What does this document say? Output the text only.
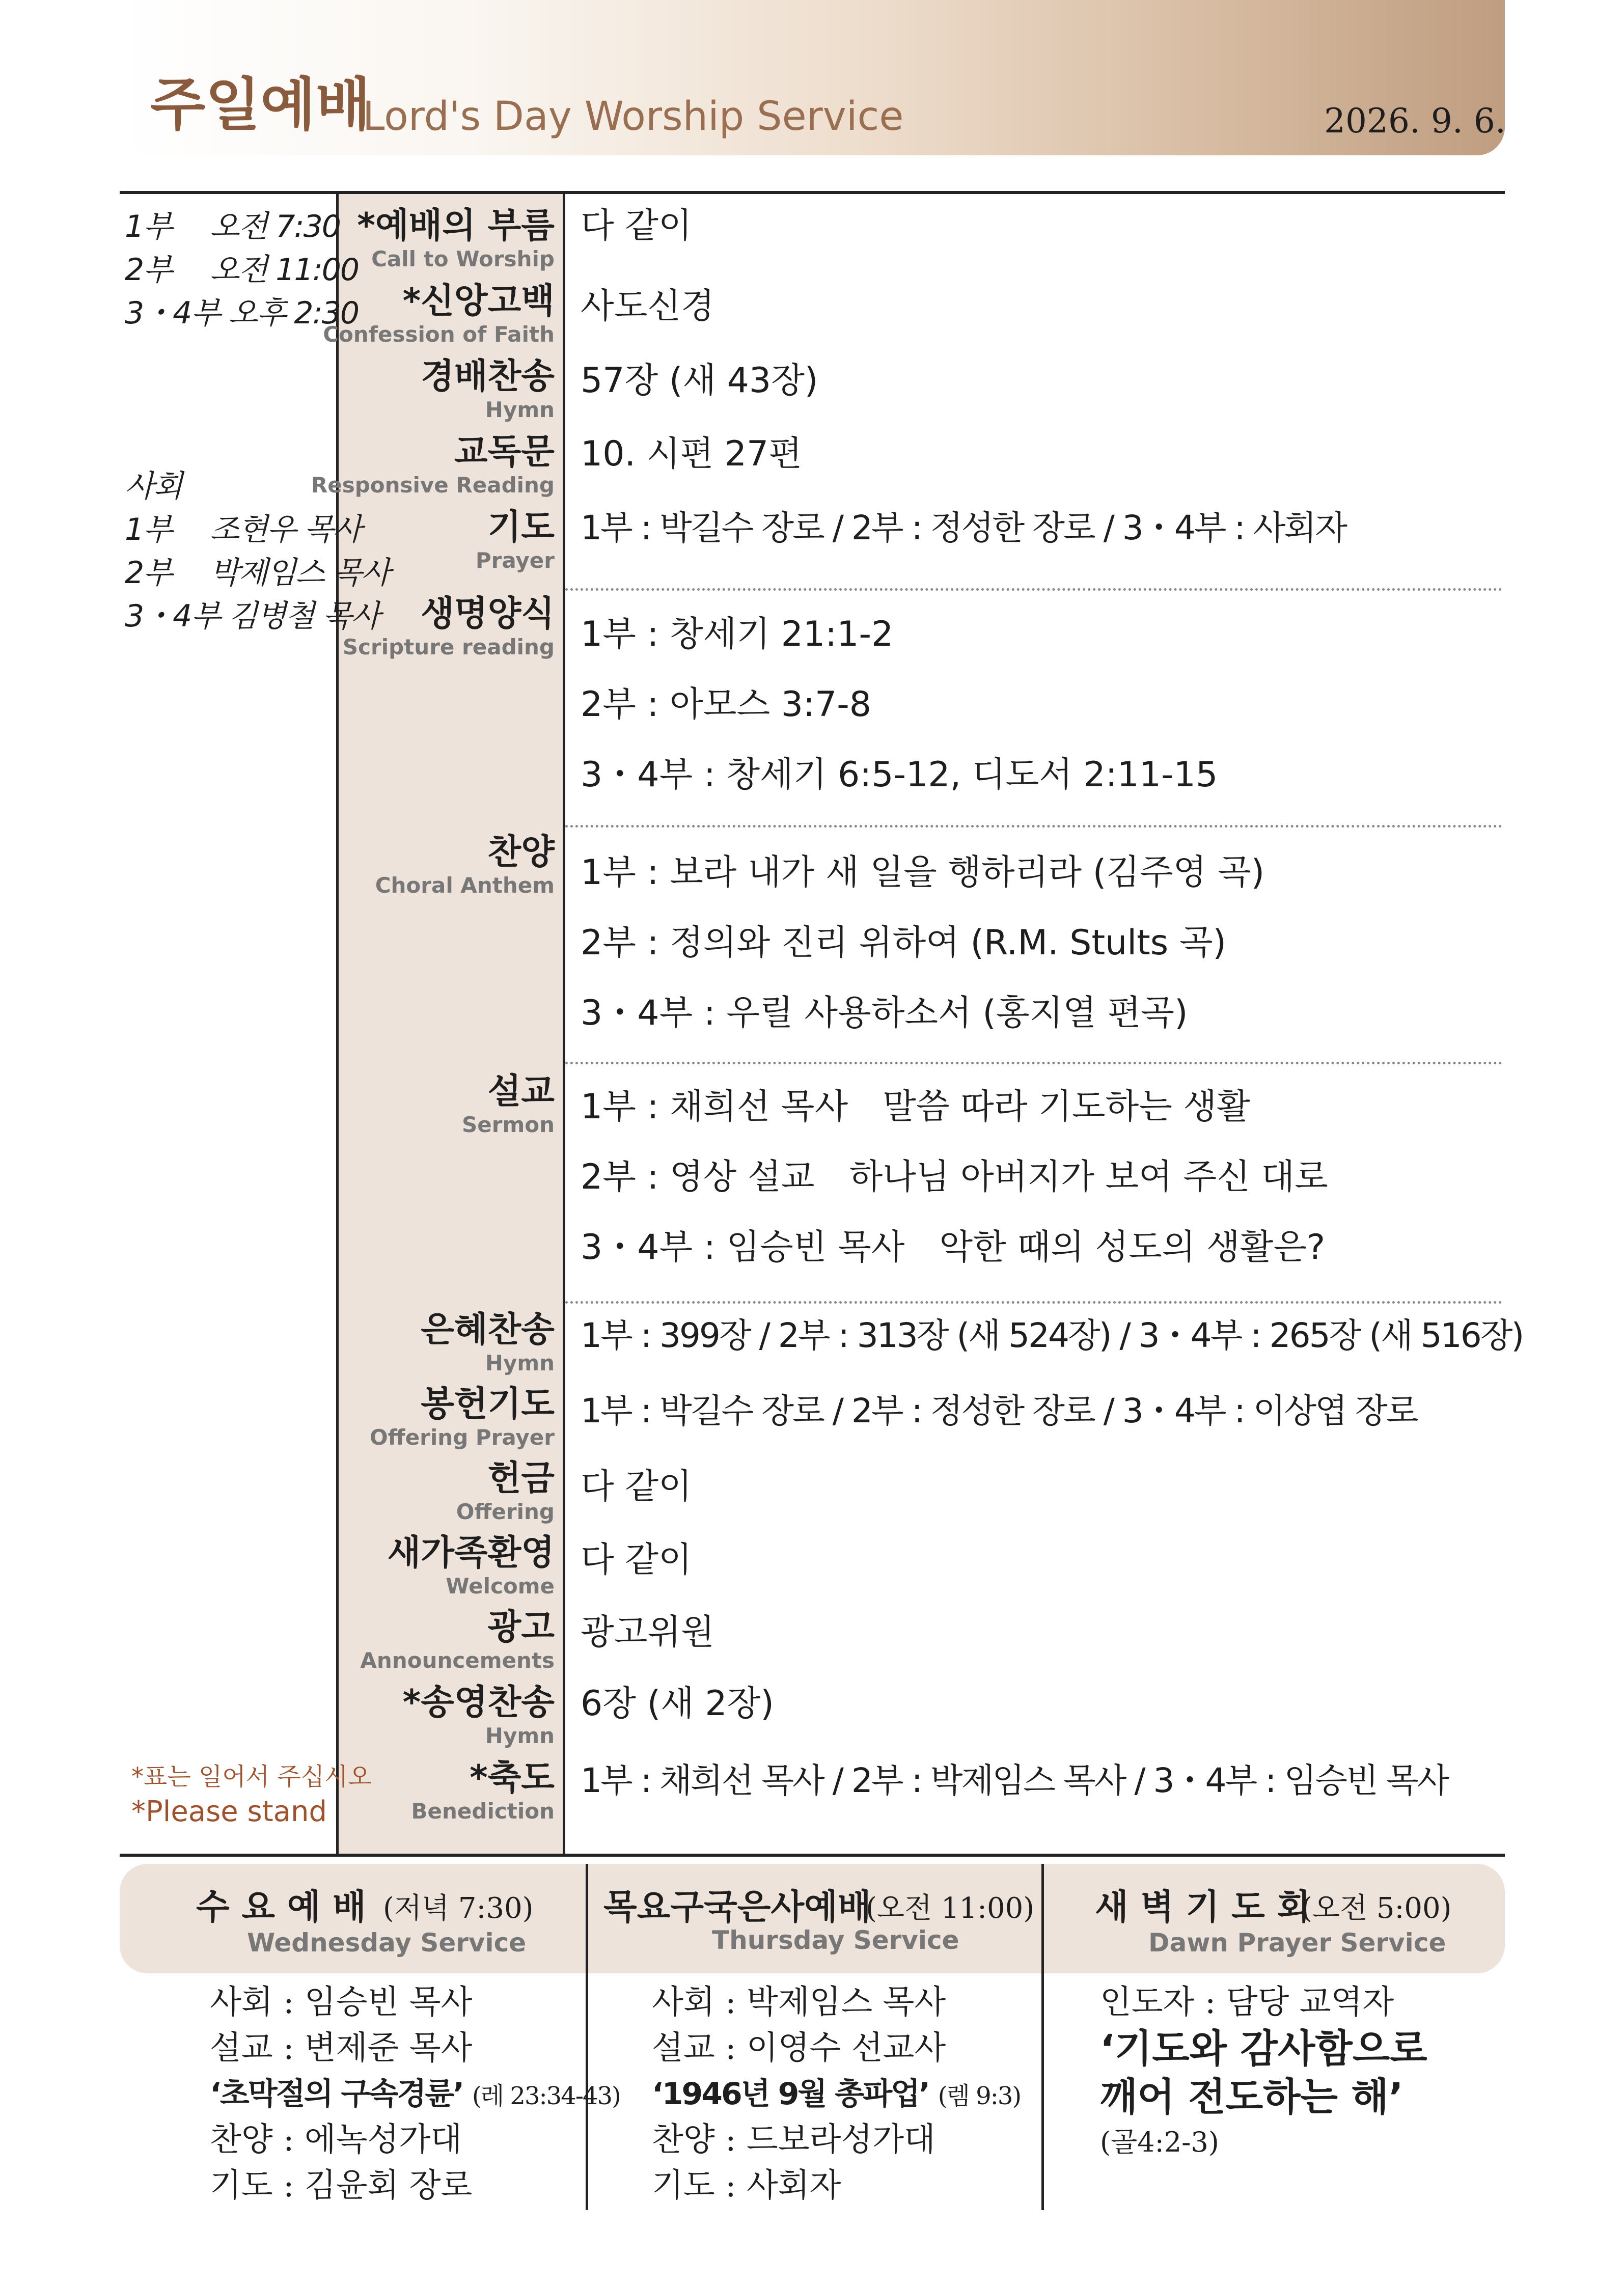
주일예배
Lord's Day Worship Service	2026. 9. 6.
1부　 오전 7:30
2부　 오전 11:00
3・4부 오후 2:30
사회
1부　 조현우 목사
2부　 박제임스 목사
3・4부 김병철 목사
*표는 일어서 주십시오
*Please stand
*예배의 부름
Call to Worship
다 같이
*신앙고백
Confession of Faith
사도신경
경배찬송
Hymn
57장 (새 43장)
교독문
Responsive Reading
10. 시편 27편
기도
Prayer
1부 : 박길수 장로 / 2부 : 정성한 장로 / 3・4부 : 사회자
생명양식
Scripture reading 1부 : 창세기 21:1-2
2부 : 아모스 3:7-8
3・4부 : 창세기 6:5-12, 디도서 2:11-15
찬양
Choral Anthem 1부 : 보라 내가 새 일을 행하리라 (김주영 곡)
2부 : 정의와 진리 위하여 (R.M. Stults 곡)
3・4부 : 우릴 사용하소서 (홍지열 편곡)
설교
Sermon 1부 : 채희선 목사　말씀 따라 기도하는 생활
2부 : 영상 설교　하나님 아버지가 보여 주신 대로
3・4부 : 임승빈 목사　악한 때의 성도의 생활은?
은혜찬송
Hymn
1부 : 399장 / 2부 : 313장 (새 524장) / 3・4부 : 265장 (새 516장)
봉헌기도
Offering Prayer
1부 : 박길수 장로 / 2부 : 정성한 장로 / 3・4부 : 이상엽 장로
헌금
Offering
다 같이
새가족환영
Welcome
다 같이
광고
Announcements
광고위원
*송영찬송
Hymn
6장 (새 2장)
*축도
Benediction
1부 : 채희선 목사 / 2부 : 박제임스 목사 / 3・4부 : 임승빈 목사
수 요 예 배 (저녁 7:30)
Wednesday Service
사회 : 임승빈 목사
설교 : 변제준 목사
‘초막절의 구속경륜’ (레 23:34-43)
찬양 : 에녹성가대
기도 : 김윤회 장로
목요구국은사예배
(오전 11:00)
Thursday Service
사회 : 박제임스 목사
설교 : 이영수 선교사
‘1946년 9월 총파업’ (렘 9:3)
찬양 : 드보라성가대
기도 : 사회자
새 벽 기 도 회
(오전 5:00)
Dawn Prayer Service
인도자 : 담당 교역자
‘기도와 감사함으로
깨어 전도하는 해’
(골4:2-3)
